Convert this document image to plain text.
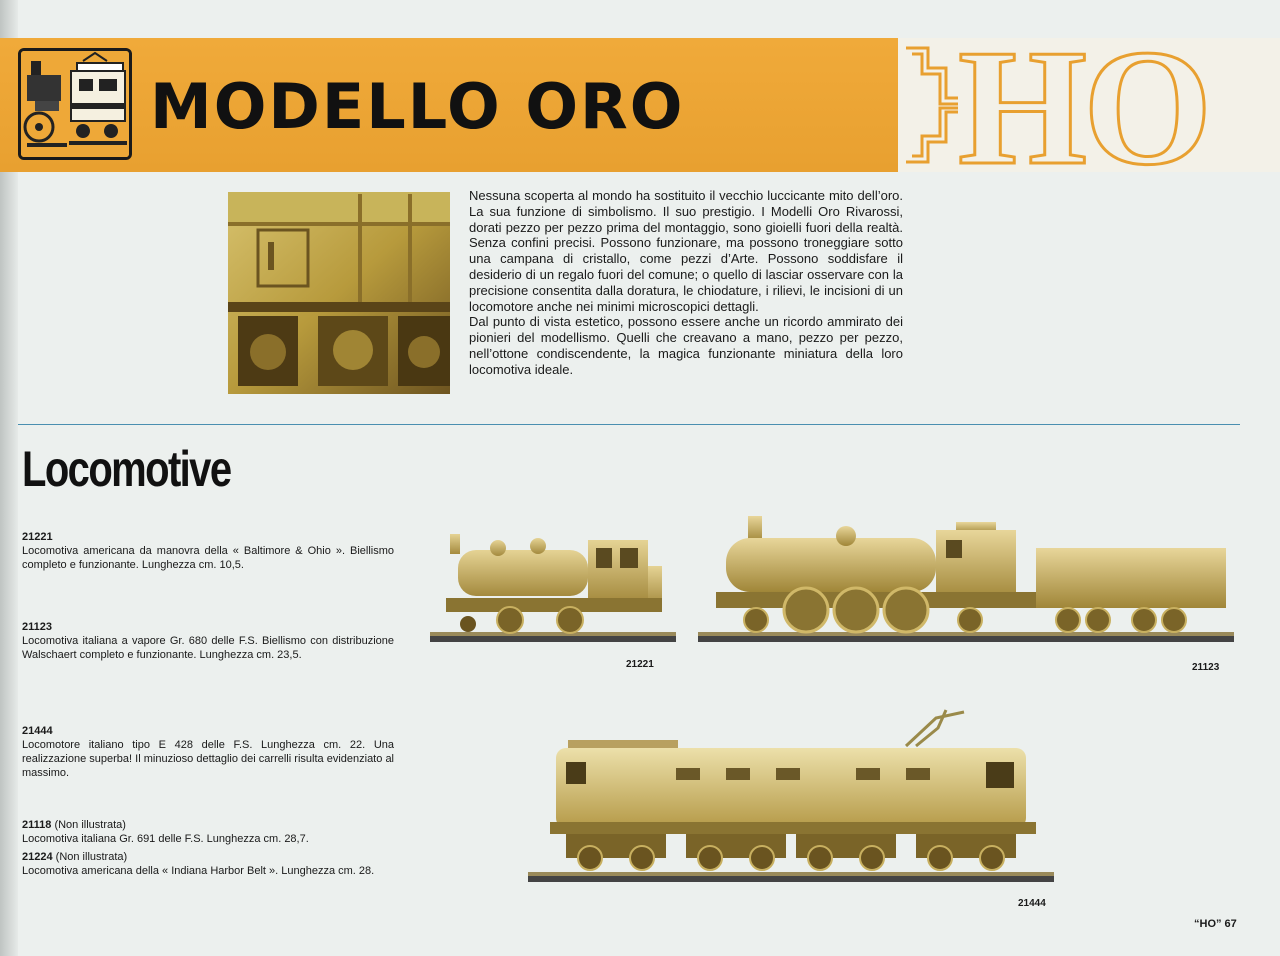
MODELLO ORO HO

Nessuna scoperta al mondo ha sostituito il vecchio luccicante mito dell’oro. La sua funzione di simbolismo. Il suo prestigio. I Modelli Oro Rivarossi, dorati pezzo per pezzo prima del montaggio, sono gioielli fuori della realtà. Senza confini precisi. Possono funzionare, ma possono troneggiare sotto una campana di cristallo, come pezzi d’Arte. Possono soddisfare il desiderio di un regalo fuori del comune; o quello di lasciar osservare con la precisione consentita dalla doratura, le chiodature, i rilievi, le incisioni di un locomotore anche nei minimi microscopici dettagli.

Dal punto di vista estetico, possono essere anche un ricordo ammirato dei pionieri del modellismo. Quelli che creavano a mano, pezzo per pezzo, nell’ottone condiscendente, la magica funzionante miniatura della loro locomotiva ideale.

Locomotive
21221
Locomotiva americana da manovra della « Baltimore & Ohio ». Biellismo completo e funzionante. Lunghezza cm. 10,5.
21123
Locomotiva italiana a vapore Gr. 680 delle F.S. Biellismo con distribuzione Walschaert completo e funzionante. Lunghezza cm. 23,5.
21444
Locomotore italiano tipo E 428 delle F.S. Lunghezza cm. 22. Una realizzazione superba! Il minuzioso dettaglio dei carrelli risulta evidenziato al massimo.
21118 (Non illustrata)
Locomotiva italiana Gr. 691 delle F.S. Lunghezza cm. 28,7.
21224 (Non illustrata)
Locomotiva americana della « Indiana Harbor Belt ». Lunghezza cm. 28.
21221	21123
21444
“HO” 67
